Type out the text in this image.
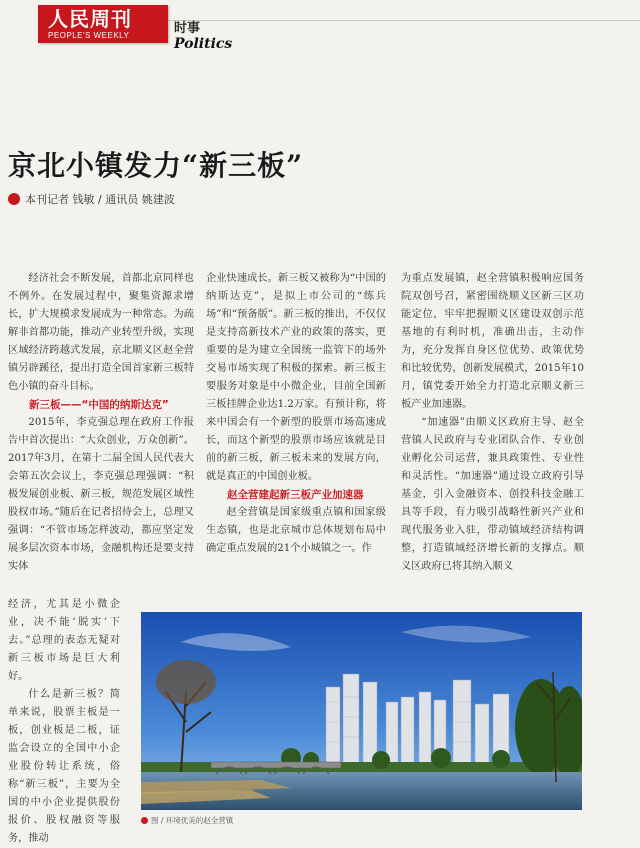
人民周刊
PEOPLE'S WEEKLY	时事
Politics
京北小镇发力“新三板”
本刊记者 钱敏 / 通讯员 姚建波

经济社会不断发展，首都北京同样也不例外。在发展过程中，聚集资源求增长，扩大规模求发展成为一种常态。为疏解非首都功能，推动产业转型升级，实现区域经济跨越式发展，京北顺义区赵全营镇另辟蹊径，提出打造全国首家新三板特色小镇的奋斗目标。

新三板——“中国的纳斯达克”

2015年，李克强总理在政府工作报告中首次提出：“大众创业，万众创新”。2017年3月，在第十二届全国人民代表大会第五次会议上，李克强总理强调：“积极发展创业板、新三板，规范发展区域性股权市场。”随后在记者招待会上，总理又强调：“不管市场怎样波动，都应坚定发展多层次资本市场，金融机构还是要支持实体

经济，尤其是小微企业，决不能‘脱实’下去。”总理的表态无疑对新三板市场是巨大利好。

什么是新三板？简单来说，股票主板是一板，创业板是二板，证监会设立的全国中小企业股份转让系统，俗称“新三板”，主要为全国的中小企业提供股份报价、股权融资等服务，推动

企业快速成长。新三板又被称为“中国的纳斯达克”，是拟上市公司的“练兵场”和“预备版”。新三板的推出，不仅仅是支持高新技术产业的政策的落实，更重要的是为建立全国统一监管下的场外交易市场实现了积极的探索。新三板主要服务对象是中小微企业，目前全国新三板挂牌企业达1.2万家。有预计称，将来中国会有一个新型的股票市场高速成长，而这个新型的股票市场应该就是目前的新三板，新三板未来的发展方向，就是真正的中国创业板。

赵全营建起新三板产业加速器

赵全营镇是国家级重点镇和国家级生态镇，也是北京城市总体规划布局中确定重点发展的21个小城镇之一。作

为重点发展镇，赵全营镇积极响应国务院双创号召，紧密围绕顺义区新三区功能定位，牢牢把握顺义区建设双创示范基地的有利时机，准确出击，主动作为，充分发挥自身区位优势、政策优势和比较优势，创新发展模式，2015年10月，镇党委开始全力打造北京顺义新三板产业加速器。

“加速器”由顺义区政府主导、赵全营镇人民政府与专业团队合作、专业创业孵化公司运营，兼具政策性、专业性和灵活性。“加速器”通过设立政府引导基金，引入金融资本、创投科技金融工具等手段，有力吸引战略性新兴产业和现代服务业入驻，带动镇域经济结构调整，打造镇域经济增长新的支撑点。顺义区政府已将其纳入顺义

图 / 环境优美的赵全营镇
